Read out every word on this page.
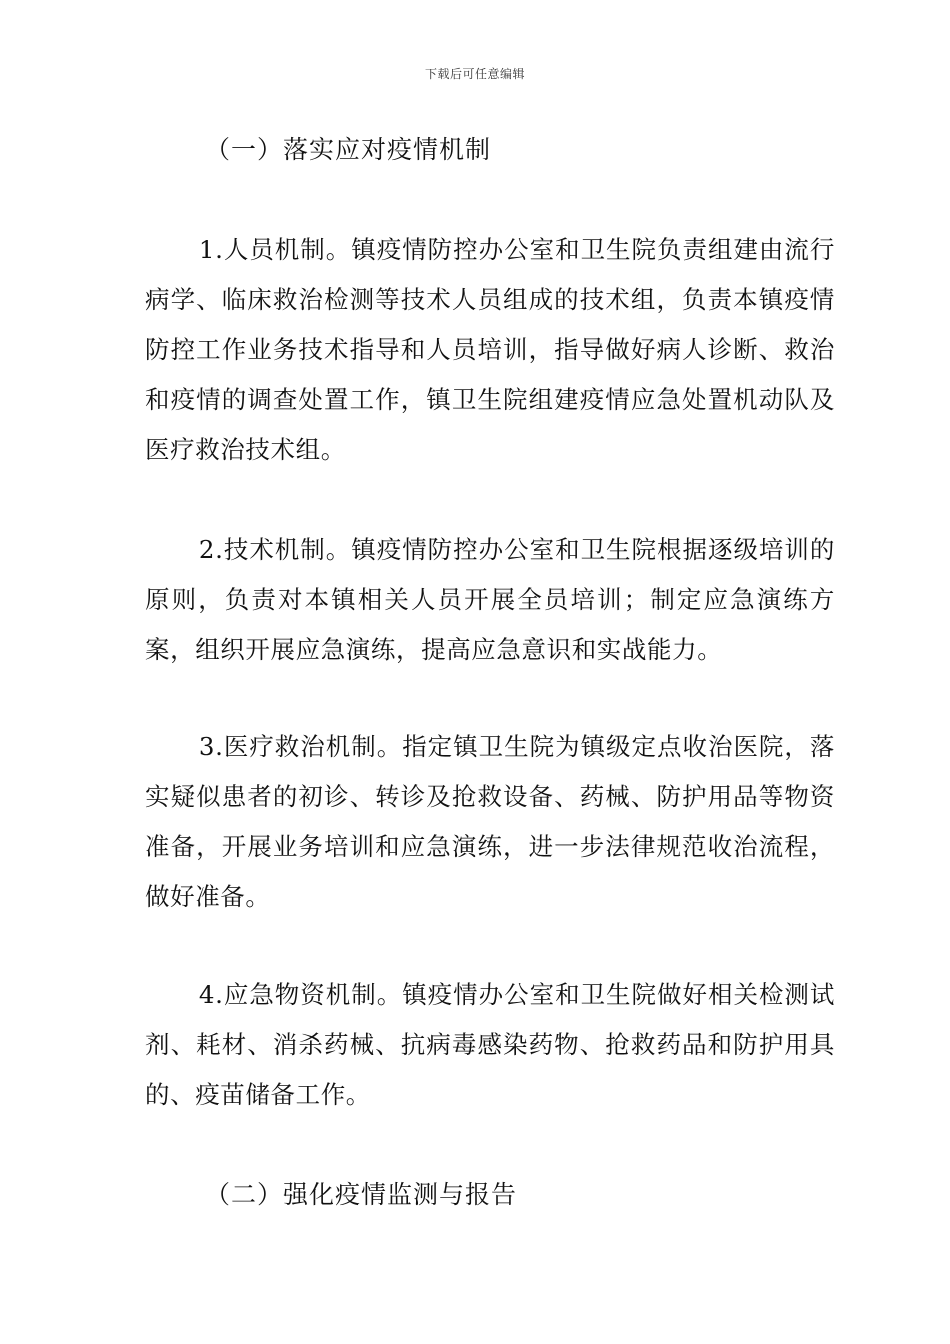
下载后可任意编辑
（一）落实应对疫情机制
1.人员机制。镇疫情防控办公室和卫生院负责组建由流行病学、临床救治检测等技术人员组成的技术组，负责本镇疫情防控工作业务技术指导和人员培训，指导做好病人诊断、救治和疫情的调查处置工作，镇卫生院组建疫情应急处置机动队及医疗救治技术组。
2.技术机制。镇疫情防控办公室和卫生院根据逐级培训的原则，负责对本镇相关人员开展全员培训；制定应急演练方案，组织开展应急演练，提高应急意识和实战能力。
3.医疗救治机制。指定镇卫生院为镇级定点收治医院，落实疑似患者的初诊、转诊及抢救设备、药械、防护用品等物资准备，开展业务培训和应急演练，进一步法律规范收治流程，做好准备。
4.应急物资机制。镇疫情办公室和卫生院做好相关检测试剂、耗材、消杀药械、抗病毒感染药物、抢救药品和防护用具的、疫苗储备工作。
（二）强化疫情监测与报告
